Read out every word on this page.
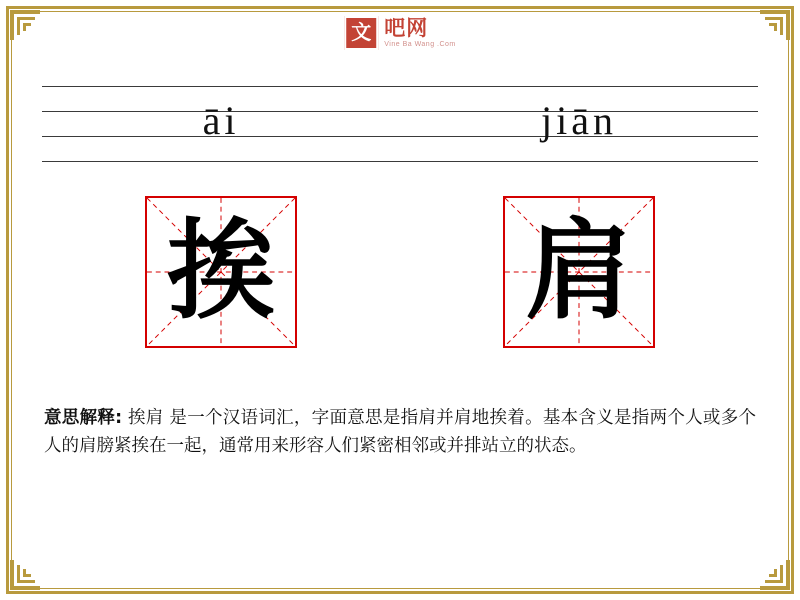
文 吧网
Vine Ba Wang .Com
āi	jiān
挨 肩
意思解释: 挨肩 是一个汉语词汇，字面意思是指肩并肩地挨着。基本含义是指两个人或多个人的肩膀紧挨在一起，通常用来形容人们紧密相邻或并排站立的状态。
